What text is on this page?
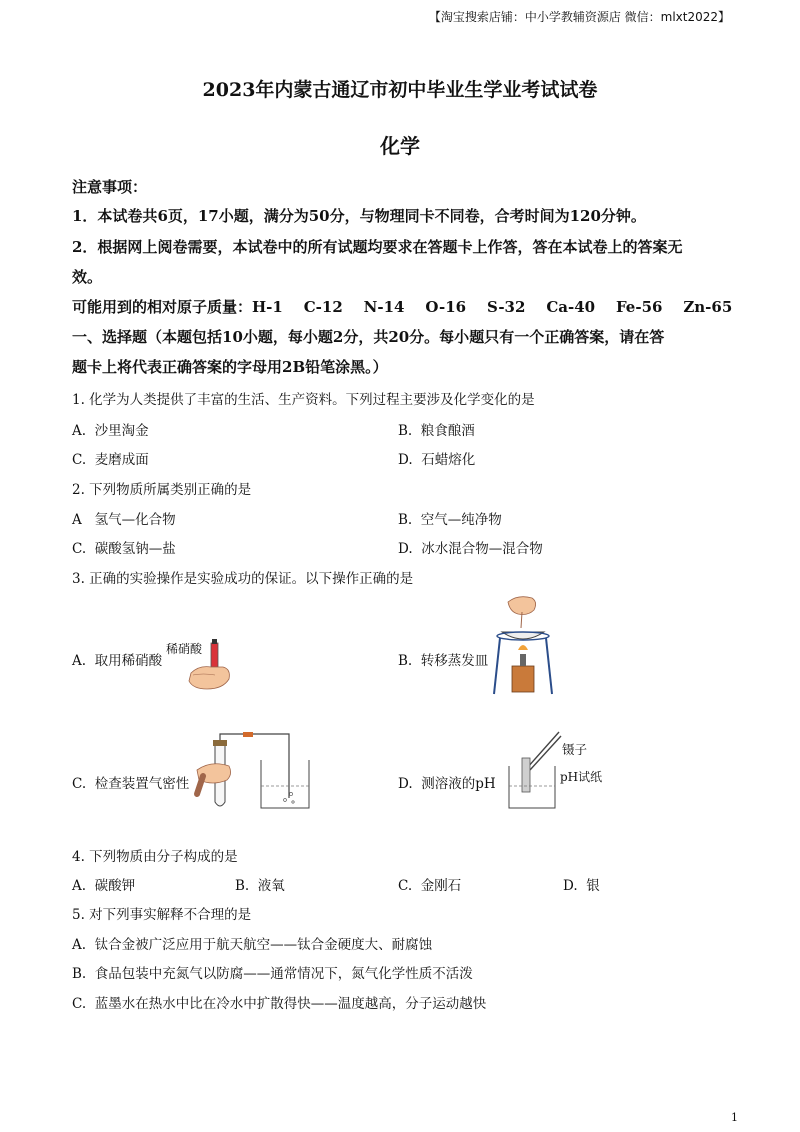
【淘宝搜索店铺：中小学教辅资源店 微信：mlxt2022】
2023年内蒙古通辽市初中毕业生学业考试试卷
化学
注意事项：
1．本试卷共6页，17小题，满分为50分，与物理同卡不同卷，合考时间为120分钟。
2．根据网上阅卷需要，本试卷中的所有试题均要求在答题卡上作答，答在本试卷上的答案无
效。
可能用到的相对原子质量：H-1    C-12    N-14    O-16    S-32    Ca-40    Fe-56    Zn-65
一、选择题（本题包括10小题，每小题2分，共20分。每小题只有一个正确答案，请在答
题卡上将代表正确答案的字母用2B铅笔涂黑。）
1. 化学为人类提供了丰富的生活、生产资料。下列过程主要涉及化学变化的是
A.  沙里淘金	B.  粮食酿酒
C.  麦磨成面	D.  石蜡熔化
2. 下列物质所属类别正确的是
A   氢气—化合物	B.  空气—纯净物
C.  碳酸氢钠—盐	D.  冰水混合物—混合物
3. 正确的实验操作是实验成功的保证。以下操作正确的是
A.  取用稀硝酸
稀硝酸
B.  转移蒸发皿
C.  检查装置气密性	D.  测溶液的pH
镊子
pH试纸
4. 下列物质由分子构成的是
A.  碳酸钾	B.  液氧	C.  金刚石	D.  银
5. 对下列事实解释不合理的是
A.  钛合金被广泛应用于航天航空——钛合金硬度大、耐腐蚀
B.  食品包装中充氮气以防腐——通常情况下，氮气化学性质不活泼
C.  蓝墨水在热水中比在冷水中扩散得快——温度越高，分子运动越快
1
